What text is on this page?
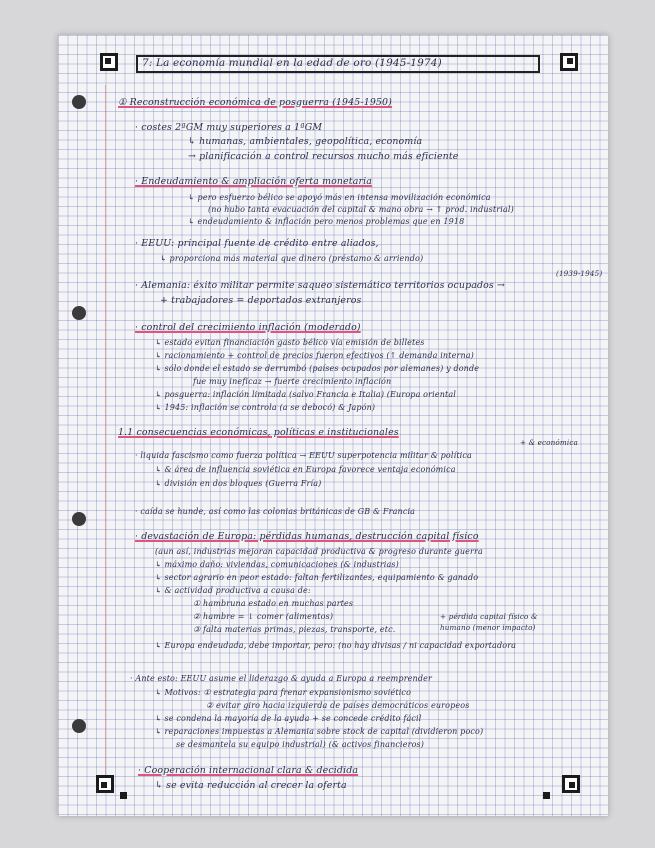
7: La economía mundial en la edad de oro (1945-1974)
① Reconstrucción económica de posguerra (1945-1950)
· costes 2ªGM muy superiores a 1ªGM
↳ humanas, ambientales, geopolítica, economía
→ planificación a control recursos mucho más eficiente
· Endeudamiento & ampliación oferta monetaria
↳ pero esfuerzo bélico se apoyó más en intensa movilización económica
(no hubo tanta evacuación del capital & mano obra → ↑ prod. industrial)
↳ endeudamiento & inflación pero menos problemas que en 1918
· EEUU: principal fuente de crédito entre aliados,
↳ proporciona más material que dinero (préstamo & arriendo)
(1939-1945)
· Alemania: éxito militar permite saqueo sistemático territorios ocupados →
+ trabajadores = deportados extranjeros
· control del crecimiento inflación (moderado)
↳ estado evitan financiación gasto bélico vía emisión de billetes
↳ racionamiento + control de precios fueron efectivos (↑ demanda interna)
↳ sólo donde el estado se derrumbó (países ocupados por alemanes) y donde
fue muy ineficaz → fuerte crecimiento inflación
↳ posguerra: inflación limitada (salvo Francia e Italia) (Europa oriental
↳ 1945: inflación se controla (a se debocó) & Japón)
1.1 consecuencias económicas, políticas e institucionales
+ & económica
· liquida fascismo como fuerza política → EEUU superpotencia militar & política
↳ & área de influencia soviética en Europa favorece ventaja económica
↳ división en dos bloques (Guerra Fría)
· caída se hunde, así como las colonias británicas de GB & Francia
· devastación de Europa: pérdidas humanas, destrucción capital físico
(aun así, industrias mejoran capacidad productiva & progreso durante guerra
↳ máximo daño: viviendas, comunicaciones (& industrias)
↳ sector agrario en peor estado: faltan fertilizantes, equipamiento & ganado
↳ & actividad productiva a causa de:
① hambruna estado en muchas partes
② hambre = ↓ comer (alimentos)
③ falta materias primas, piezas, transporte, etc.
+ pérdida capital físico & humano (menor impacto)
↳ Europa endeudada, debe importar, pero: (no hay divisas / ni capacidad exportadora
· Ante esto: EEUU asume el liderazgo & ayuda a Europa a reemprender
↳ Motivos: ① estrategia para frenar expansionismo soviético
② evitar giro hacia izquierda de países democráticos europeos
↳ se condena la mayoría de la ayuda + se concede crédito fácil
↳ reparaciones impuestas a Alemania sobre stock de capital (dividieron poco)
se desmantela su equipo industrial) (& activos financieros)
· Cooperación internacional clara & decidida
↳ se evita reducción al crecer la oferta
